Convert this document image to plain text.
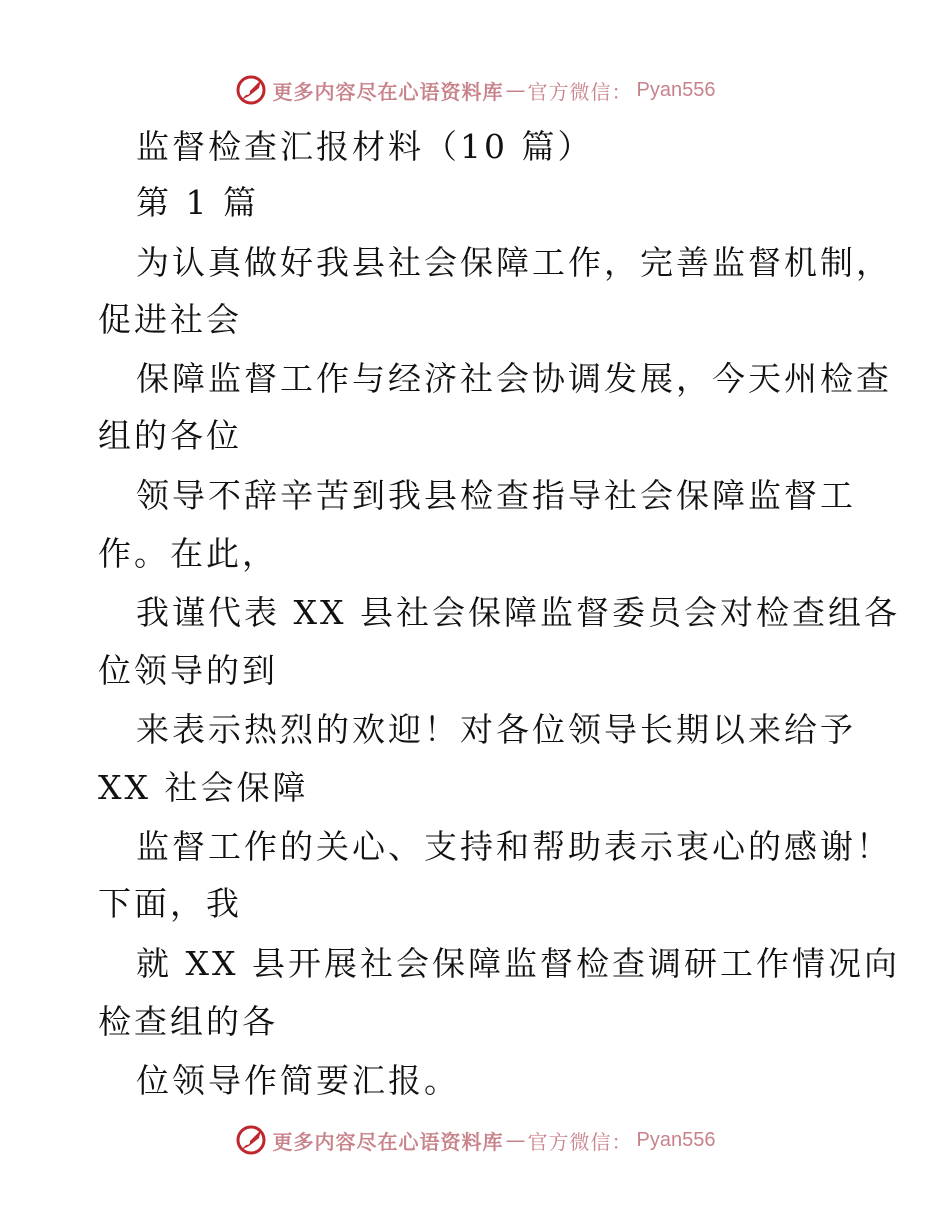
更多内容尽在心语资料库 — 官方微信： Pyan556
监督检查汇报材料（10 篇）
第 1 篇
为认真做好我县社会保障工作，完善监督机制，
促进社会
保障监督工作与经济社会协调发展，今天州检查
组的各位
领导不辞辛苦到我县检查指导社会保障监督工
作。在此，
我谨代表 XX 县社会保障监督委员会对检查组各
位领导的到
来表示热烈的欢迎！对各位领导长期以来给予
XX 社会保障
监督工作的关心、支持和帮助表示衷心的感谢！
下面，我
就 XX 县开展社会保障监督检查调研工作情况向
检查组的各
位领导作简要汇报。
更多内容尽在心语资料库 — 官方微信： Pyan556
